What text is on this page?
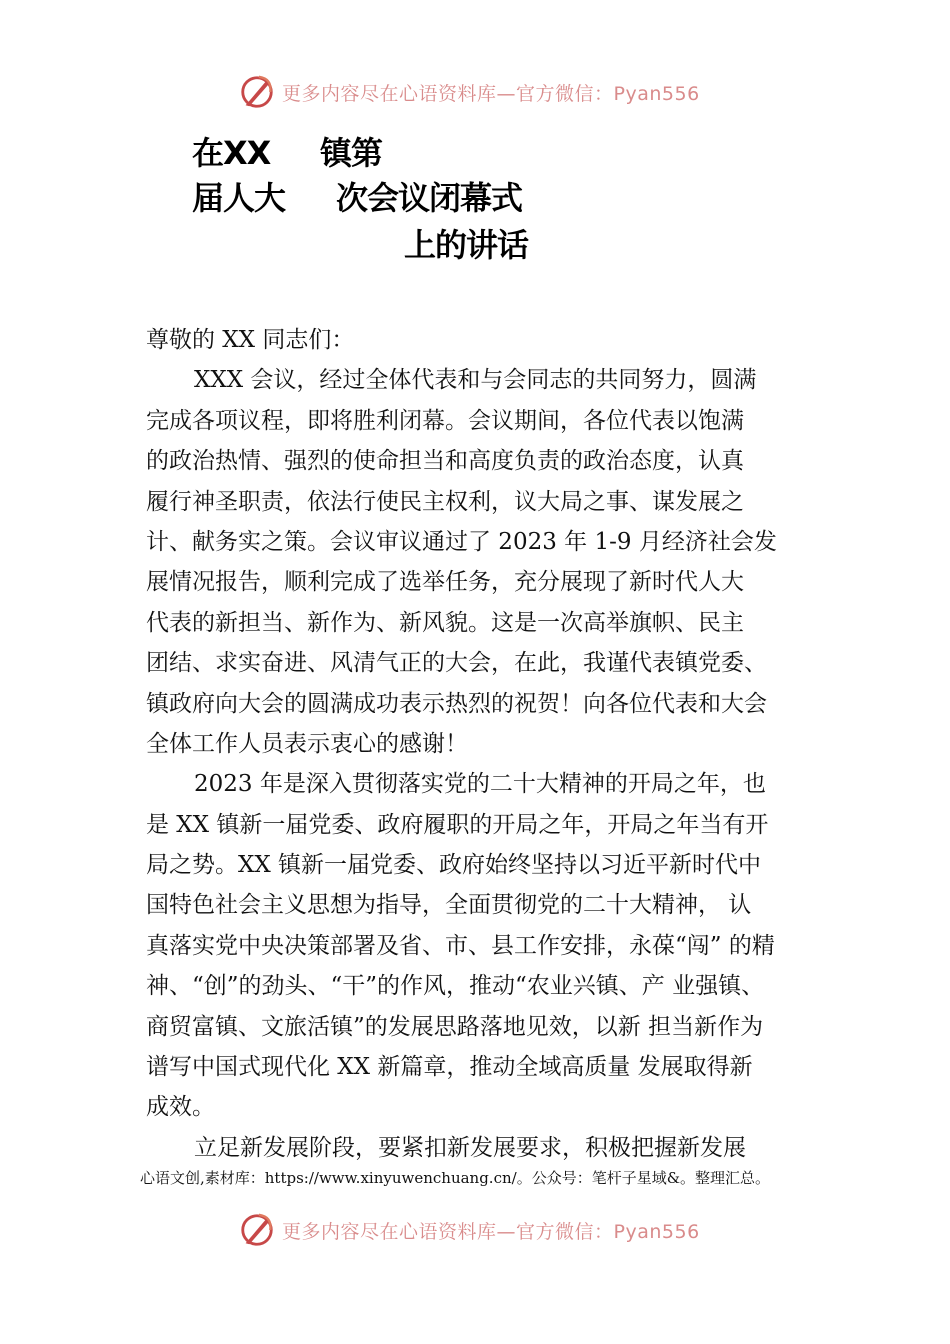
更多内容尽在心语资料库—官方微信：Pyan556
在XX 镇第
届人大 次会议闭幕式
上的讲话
尊敬的 XX 同志们：
XXX 会议，经过全体代表和与会同志的共同努力，圆满
完成各项议程，即将胜利闭幕。会议期间，各位代表以饱满
的政治热情、强烈的使命担当和高度负责的政治态度，认真
履行神圣职责，依法行使民主权利，议大局之事、谋发展之
计、献务实之策。会议审议通过了 2023 年 1-9 月经济社会发
展情况报告，顺利完成了选举任务，充分展现了新时代人大
代表的新担当、新作为、新风貌。这是一次高举旗帜、民主
团结、求实奋进、风清气正的大会，在此，我谨代表镇党委、
镇政府向大会的圆满成功表示热烈的祝贺！向各位代表和大会
全体工作人员表示衷心的感谢！
2023 年是深入贯彻落实党的二十大精神的开局之年，也
是 XX 镇新一届党委、政府履职的开局之年，开局之年当有开
局之势。XX 镇新一届党委、政府始终坚持以习近平新时代中
国特色社会主义思想为指导，全面贯彻党的二十大精神， 认
真落实党中央决策部署及省、市、县工作安排，永葆“闯” 的精
神、“创”的劲头、“干”的作风，推动“农业兴镇、产 业强镇、
商贸富镇、文旅活镇”的发展思路落地见效，以新 担当新作为
谱写中国式现代化 XX 新篇章，推动全域高质量 发展取得新
成效。
立足新发展阶段，要紧扣新发展要求，积极把握新发展
心语文创,素材库：https://www.xinyuwenchuang.cn/。公众号：笔杆子星域&。整理汇总。
更多内容尽在心语资料库—官方微信：Pyan556
